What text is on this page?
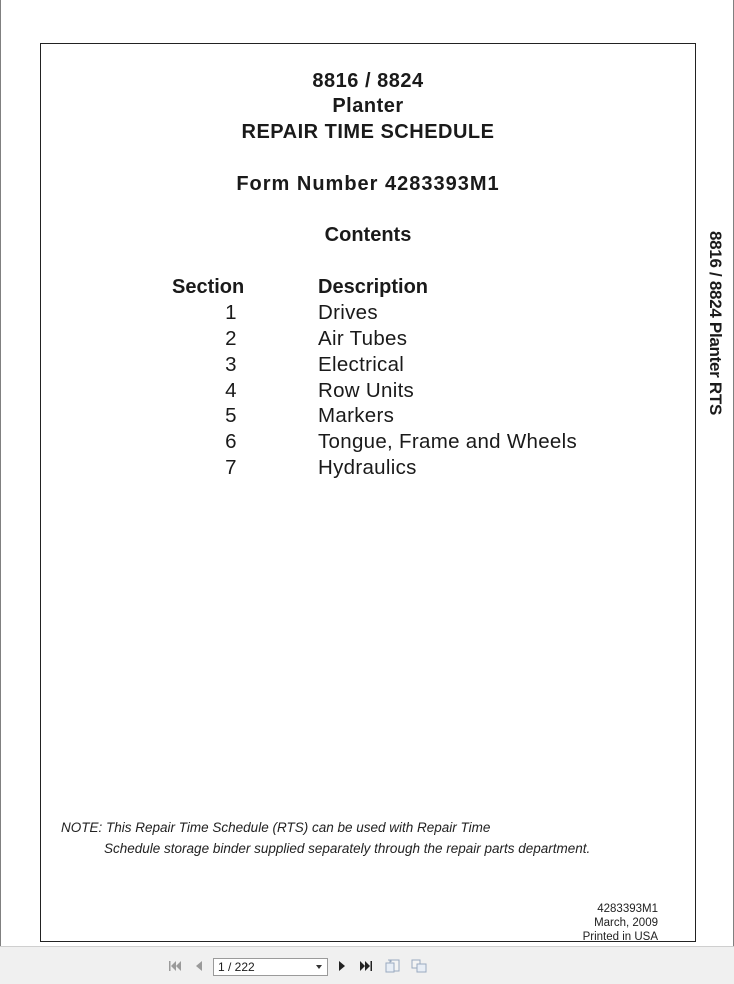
8816 / 8824
Planter
REPAIR TIME SCHEDULE
Form Number 4283393M1
Contents
Section	Description
1	Drives
2	Air Tubes
3	Electrical
4	Row Units
5	Markers
6	Tongue, Frame and Wheels
7	Hydraulics
NOTE: This Repair Time Schedule (RTS) can be used with Repair Time
Schedule storage binder supplied separately through the repair parts department.
4283393M1
March, 2009
Printed in USA
8816 / 8824 Planter RTS
1 / 222
